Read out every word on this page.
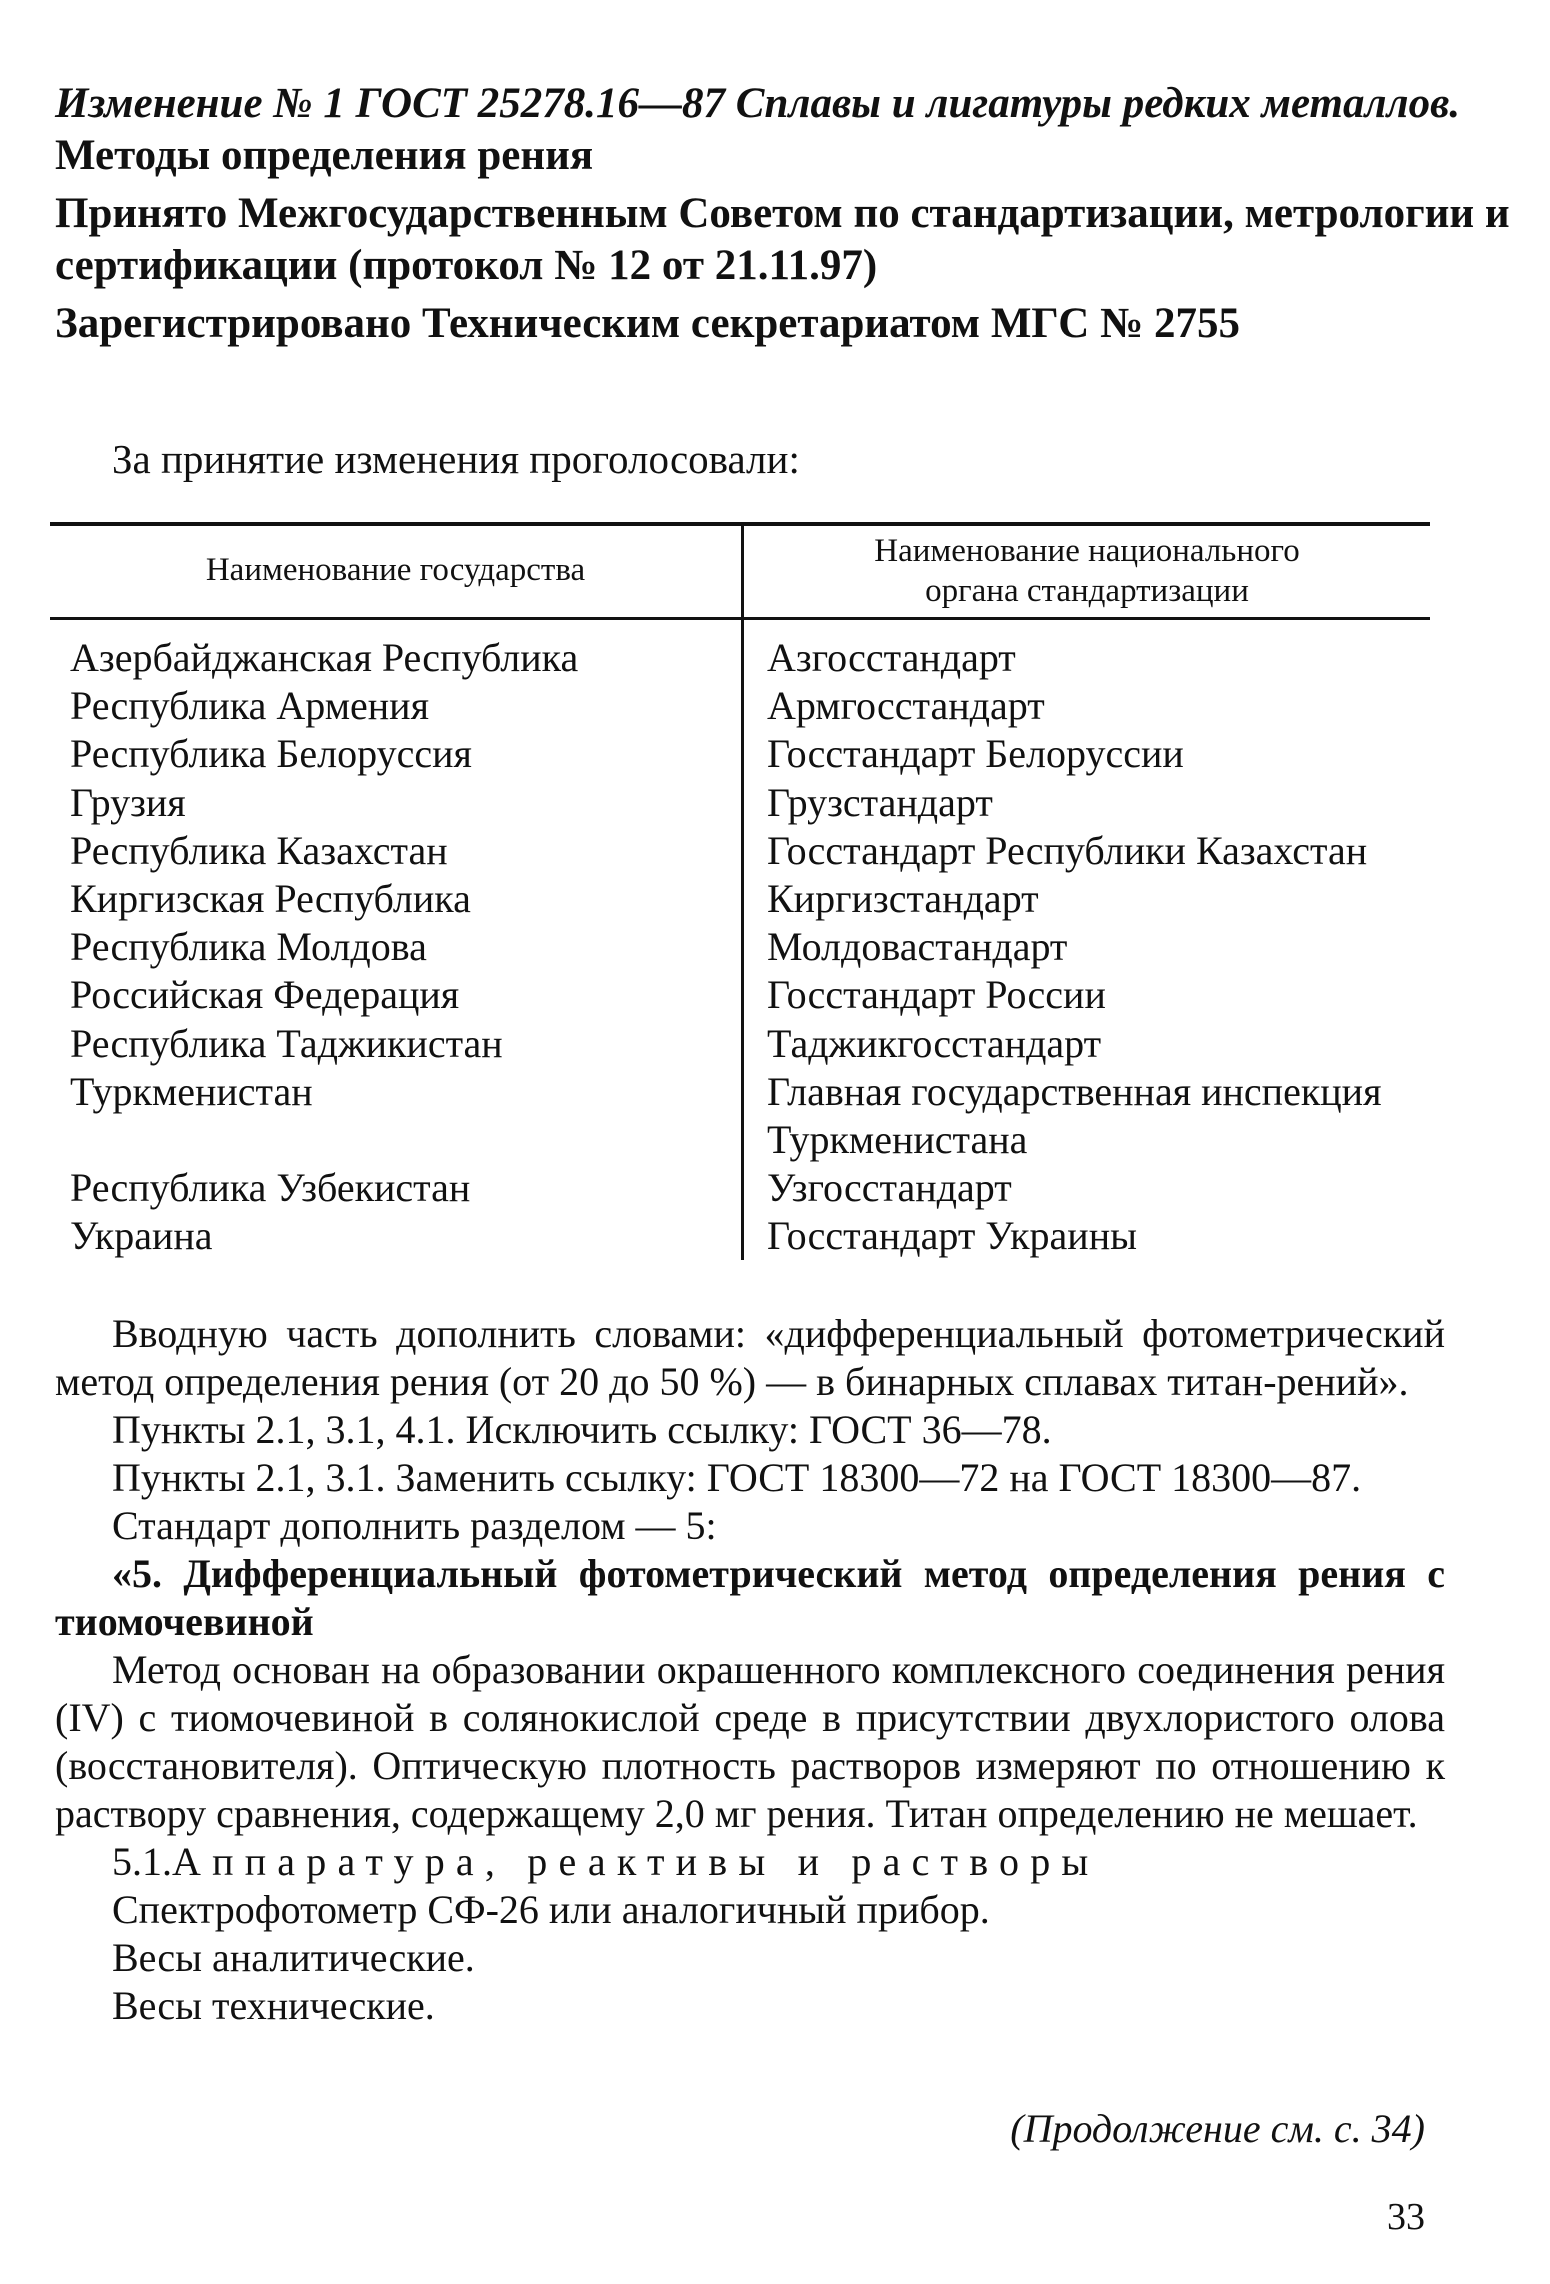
Изменение № 1 ГОСТ 25278.16—87 Сплавы и лигатуры редких металлов.
Методы определения рения
Принято Межгосударственным Советом по стандартизации, метрологии и
сертификации (протокол № 12 от 21.11.97)
Зарегистрировано Техническим секретариатом МГС № 2755
За принятие изменения проголосовали:
Наименование государства
Наименование национального
органа стандартизации
Азербайджанская Республика
Республика Армения
Республика Белоруссия
Грузия
Республика Казахстан
Киргизская Республика
Республика Молдова
Российская Федерация
Республика Таджикистан
Туркменистан
Республика Узбекистан
Украина
Азгосстандарт
Армгосстандарт
Госстандарт Белоруссии
Грузстандарт
Госстандарт Республики Казахстан
Киргизстандарт
Молдовастандарт
Госстандарт России
Таджикгосстандарт
Главная государственная инспекция
Туркменистана
Узгосстандарт
Госстандарт Украины
Вводную часть дополнить словами: «дифференциальный фотометрический метод определения рения (от 20 до 50 %) — в бинарных сплавах титан-рений».
Пункты 2.1, 3.1, 4.1. Исключить ссылку: ГОСТ 36—78.
Пункты 2.1, 3.1. Заменить ссылку: ГОСТ 18300—72 на ГОСТ 18300—87.
Стандарт дополнить разделом — 5:
«5. Дифференциальный фотометрический метод определения рения с тиомочевиной
Метод основан на образовании окрашенного комплексного соединения рения (IV) с тиомочевиной в солянокислой среде в присутствии двухлористого олова (восстановителя). Оптическую плотность растворов измеряют по отношению к раствору сравнения, содержащему 2,0 мг рения. Титан определению не мешает.
5.1.Аппаратура, реактивы и растворы
Спектрофотометр СФ-26 или аналогичный прибор.
Весы аналитические.
Весы технические.
(Продолжение см. с. 34)
33
